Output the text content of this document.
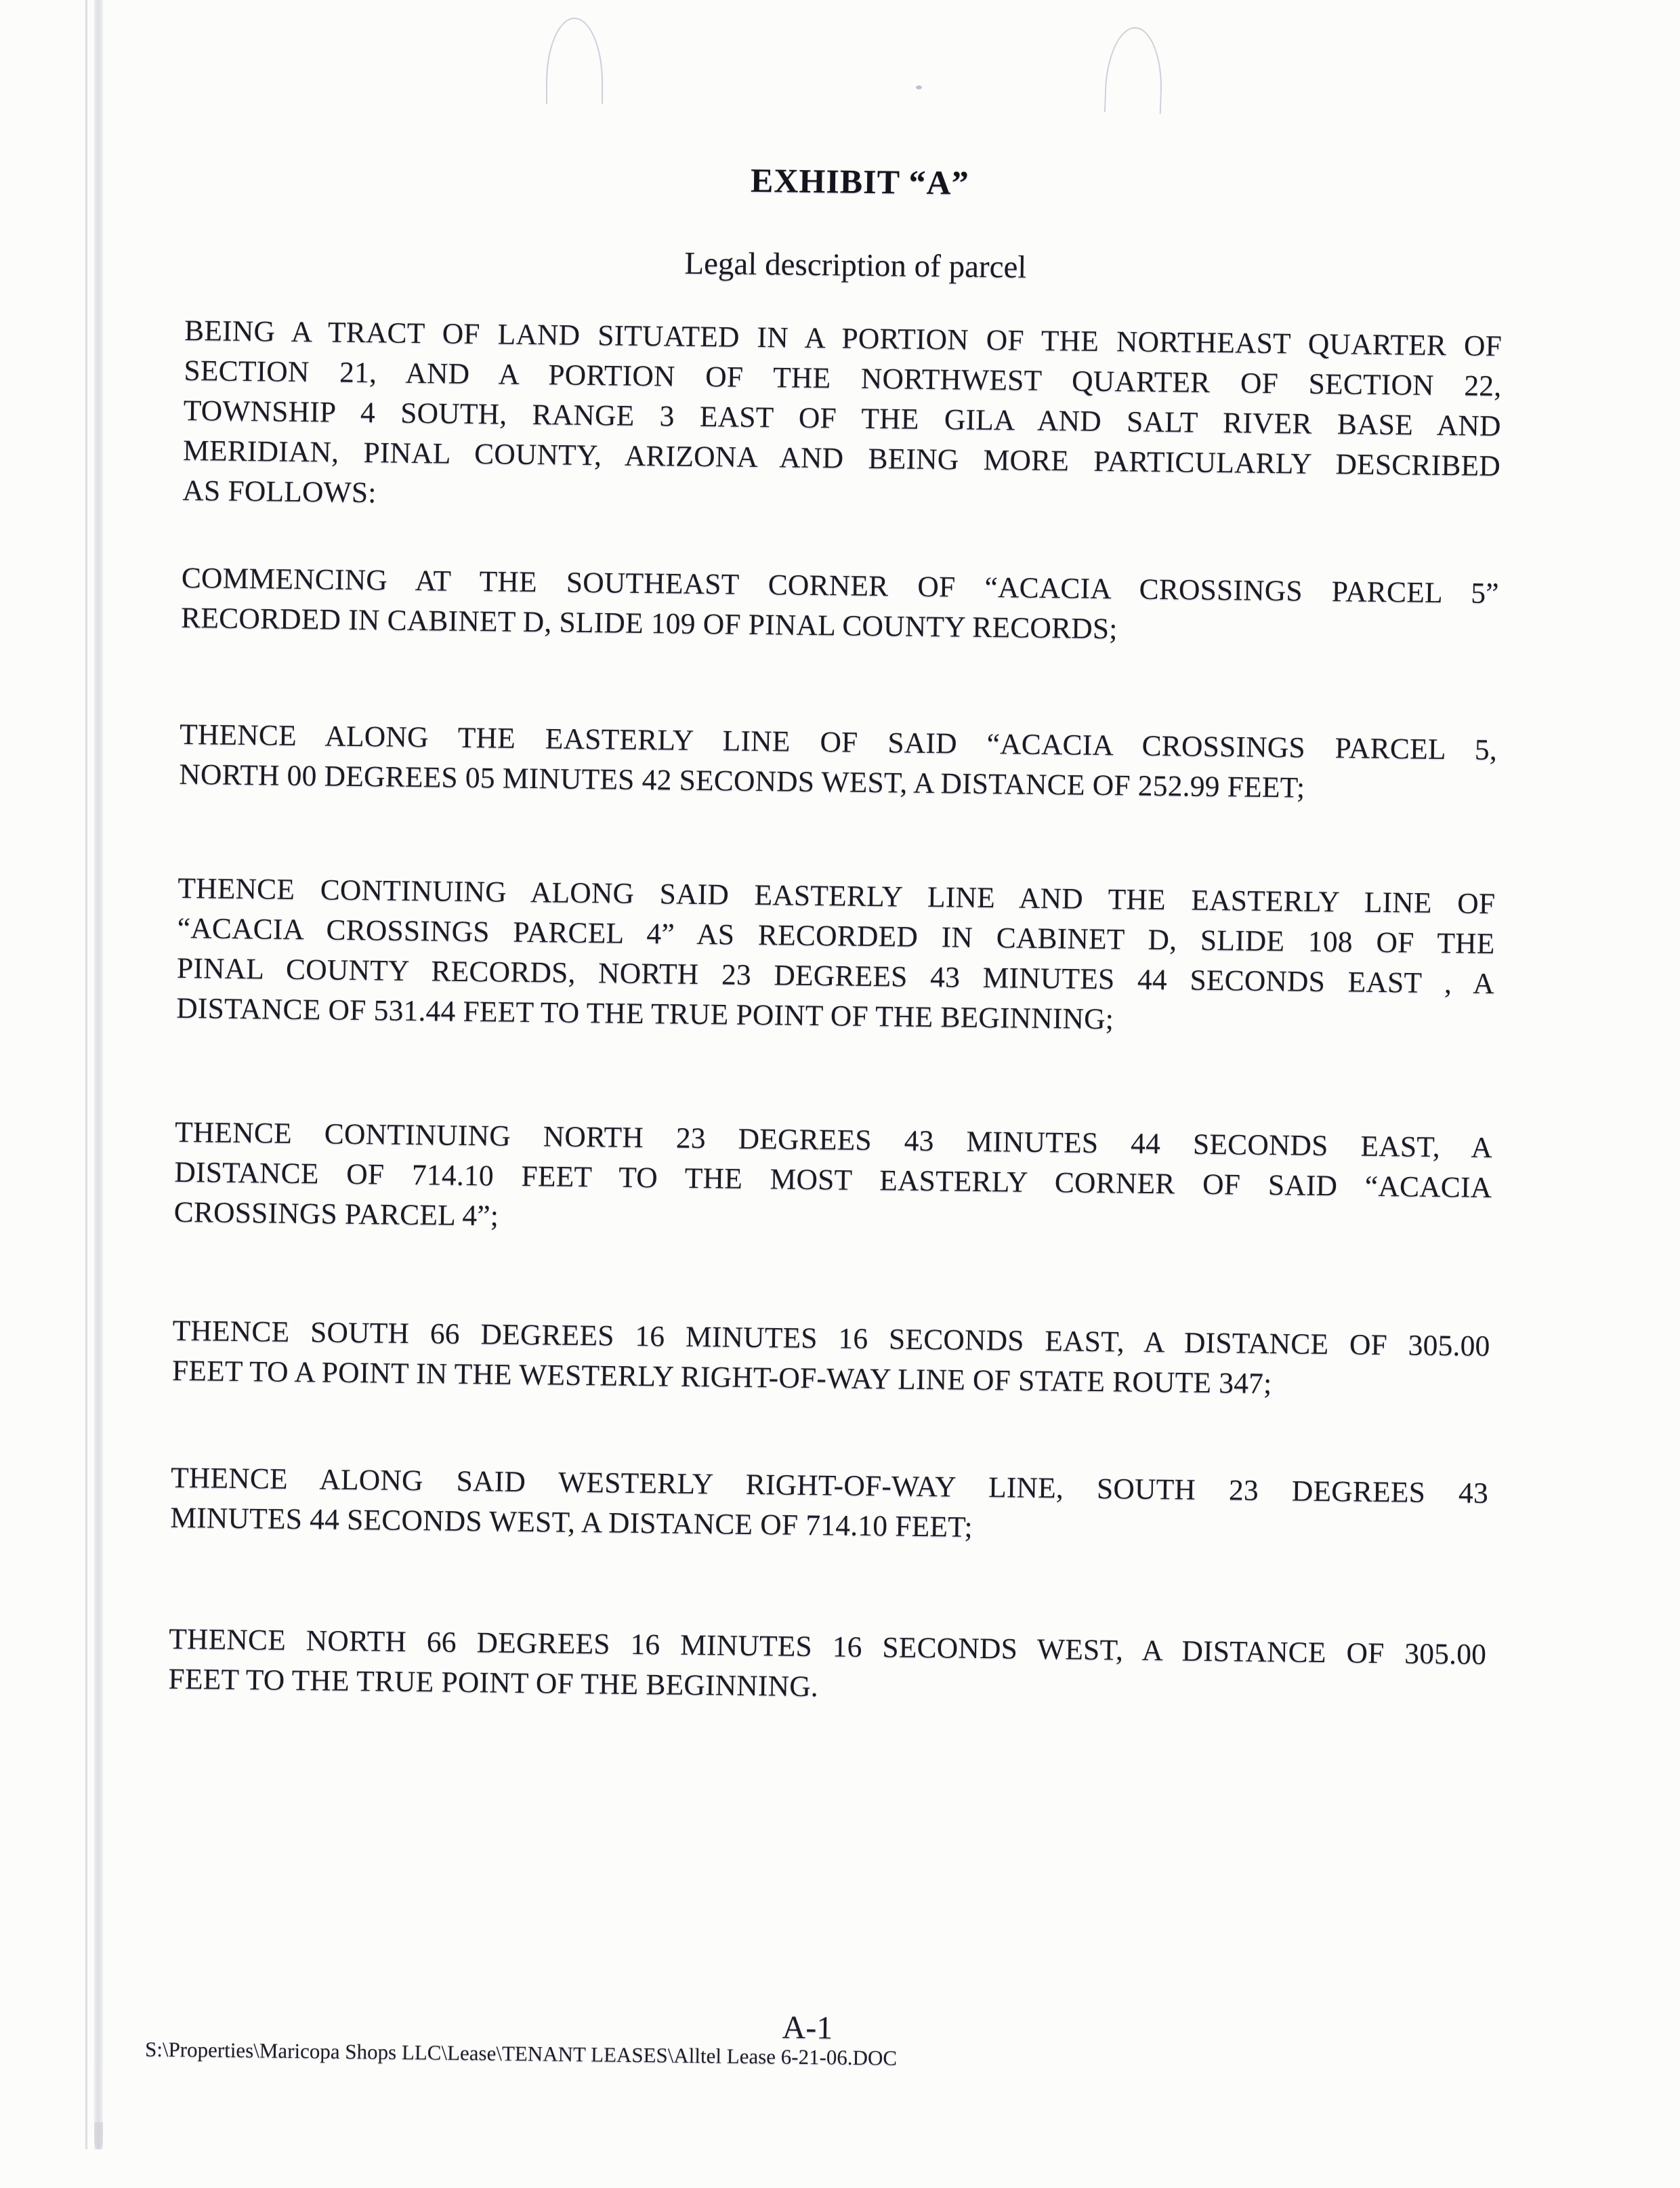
EXHIBIT “A”
Legal description of parcel
BEING A TRACT OF LAND SITUATED IN A PORTION OF THE NORTHEAST QUARTER OF
SECTION 21, AND A PORTION OF THE NORTHWEST QUARTER OF SECTION 22,
TOWNSHIP 4 SOUTH, RANGE 3 EAST OF THE GILA AND SALT RIVER BASE AND
MERIDIAN, PINAL COUNTY, ARIZONA AND BEING MORE PARTICULARLY DESCRIBED
AS FOLLOWS:
COMMENCING AT THE SOUTHEAST CORNER OF “ACACIA CROSSINGS PARCEL 5”
RECORDED IN CABINET D, SLIDE 109 OF PINAL COUNTY RECORDS;
THENCE ALONG THE EASTERLY LINE OF SAID “ACACIA CROSSINGS PARCEL 5,
NORTH 00 DEGREES 05 MINUTES 42 SECONDS WEST, A DISTANCE OF 252.99 FEET;
THENCE CONTINUING ALONG SAID EASTERLY LINE AND THE EASTERLY LINE OF
“ACACIA CROSSINGS PARCEL 4” AS RECORDED IN CABINET D, SLIDE 108 OF THE
PINAL COUNTY RECORDS, NORTH 23 DEGREES 43 MINUTES 44 SECONDS EAST , A
DISTANCE OF 531.44 FEET TO THE TRUE POINT OF THE BEGINNING;
THENCE CONTINUING NORTH 23 DEGREES 43 MINUTES 44 SECONDS EAST, A
DISTANCE OF 714.10 FEET TO THE MOST EASTERLY CORNER OF SAID “ACACIA
CROSSINGS PARCEL 4”;
THENCE SOUTH 66 DEGREES 16 MINUTES 16 SECONDS EAST, A DISTANCE OF 305.00
FEET TO A POINT IN THE WESTERLY RIGHT-OF-WAY LINE OF STATE ROUTE 347;
THENCE ALONG SAID WESTERLY RIGHT-OF-WAY LINE, SOUTH 23 DEGREES 43
MINUTES 44 SECONDS WEST, A DISTANCE OF 714.10 FEET;
THENCE NORTH 66 DEGREES 16 MINUTES 16 SECONDS WEST, A DISTANCE OF 305.00
FEET TO THE TRUE POINT OF THE BEGINNING.
A-1
S:\Properties\Maricopa Shops LLC\Lease\TENANT LEASES\Alltel Lease 6-21-06.DOC
